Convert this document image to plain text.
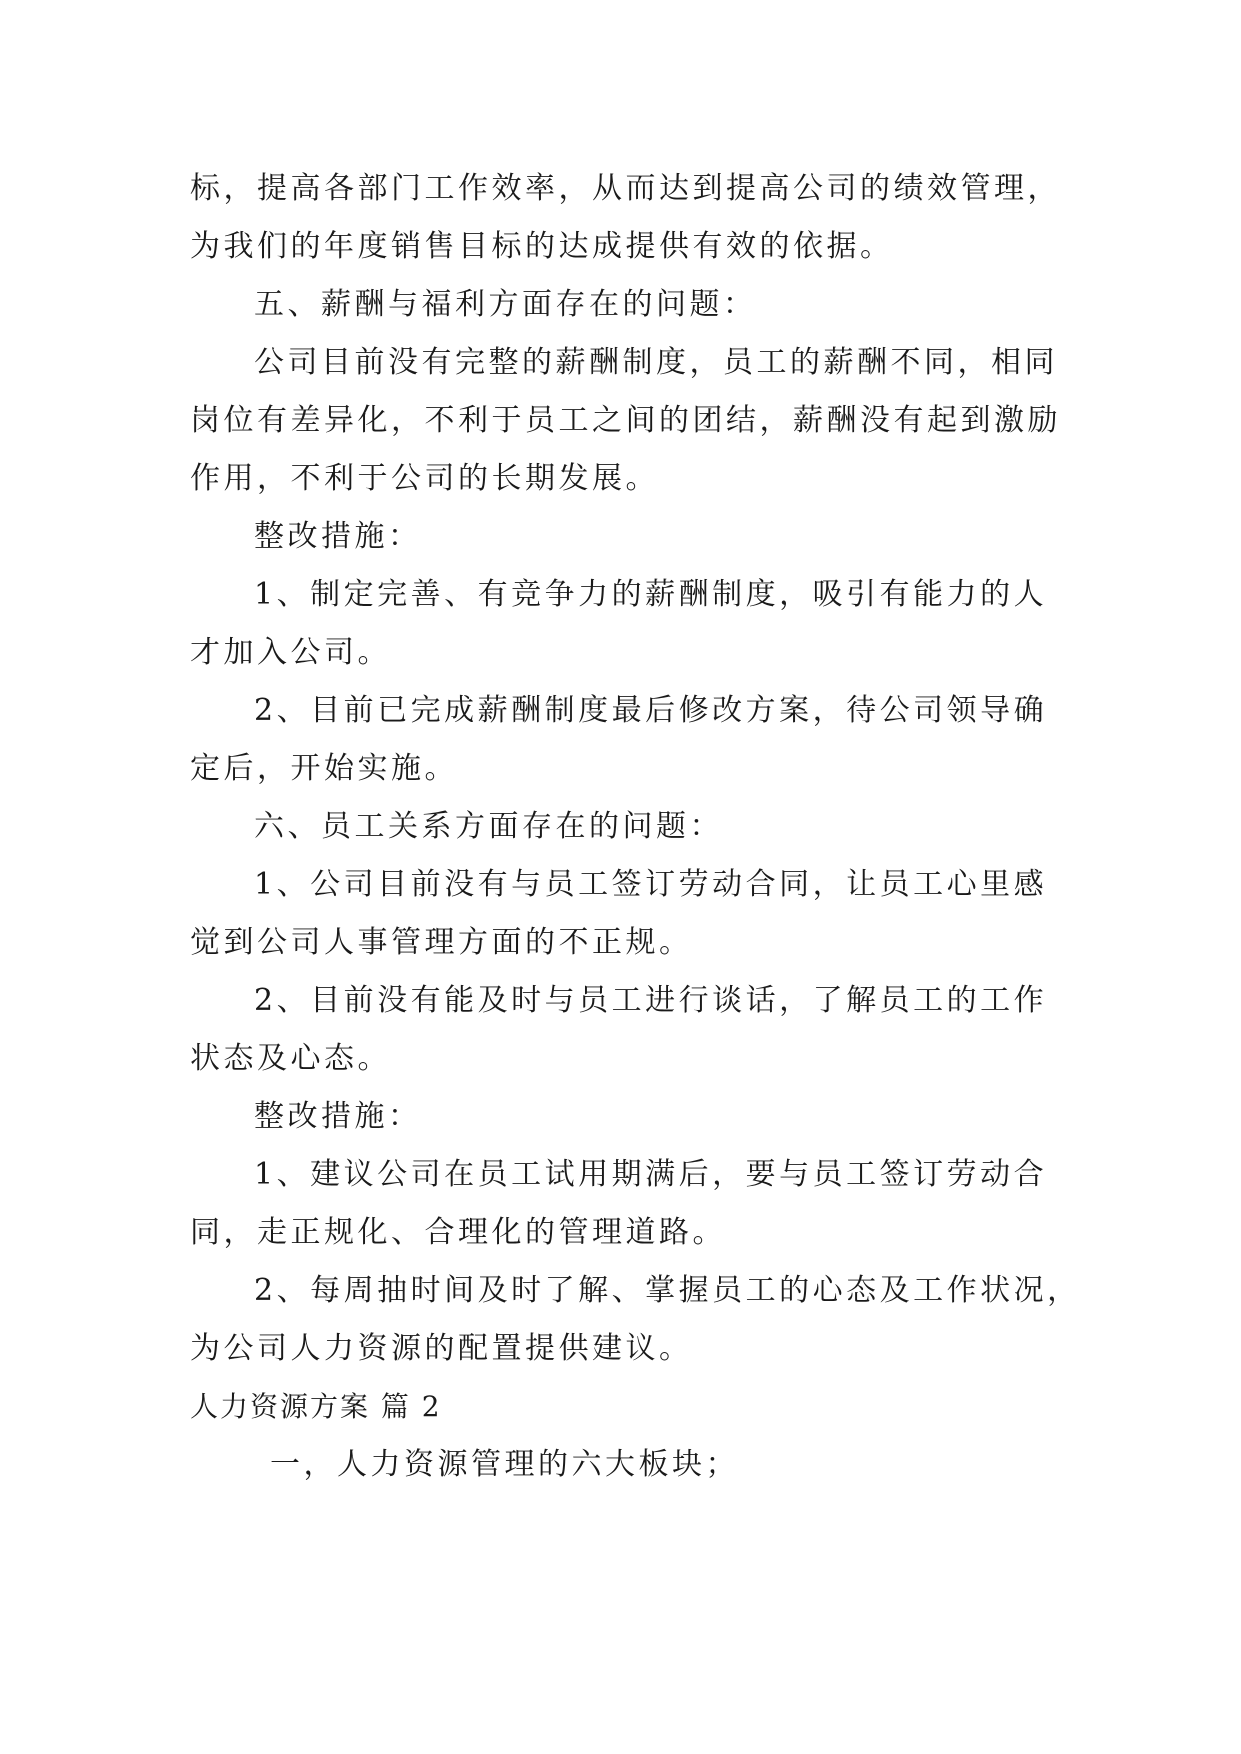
标，提高各部门工作效率，从而达到提高公司的绩效管理，
为我们的年度销售目标的达成提供有效的依据。
五、薪酬与福利方面存在的问题：
公司目前没有完整的薪酬制度，员工的薪酬不同，相同
岗位有差异化，不利于员工之间的团结，薪酬没有起到激励
作用，不利于公司的长期发展。
整改措施：
1、制定完善、有竞争力的薪酬制度，吸引有能力的人
才加入公司。
2、目前已完成薪酬制度最后修改方案，待公司领导确
定后，开始实施。
六、员工关系方面存在的问题：
1、公司目前没有与员工签订劳动合同，让员工心里感
觉到公司人事管理方面的不正规。
2、目前没有能及时与员工进行谈话，了解员工的工作
状态及心态。
整改措施：
1、建议公司在员工试用期满后，要与员工签订劳动合
同，走正规化、合理化的管理道路。
2、每周抽时间及时了解、掌握员工的心态及工作状况，
为公司人力资源的配置提供建议。
人力资源方案 篇 2
一，人力资源管理的六大板块；
